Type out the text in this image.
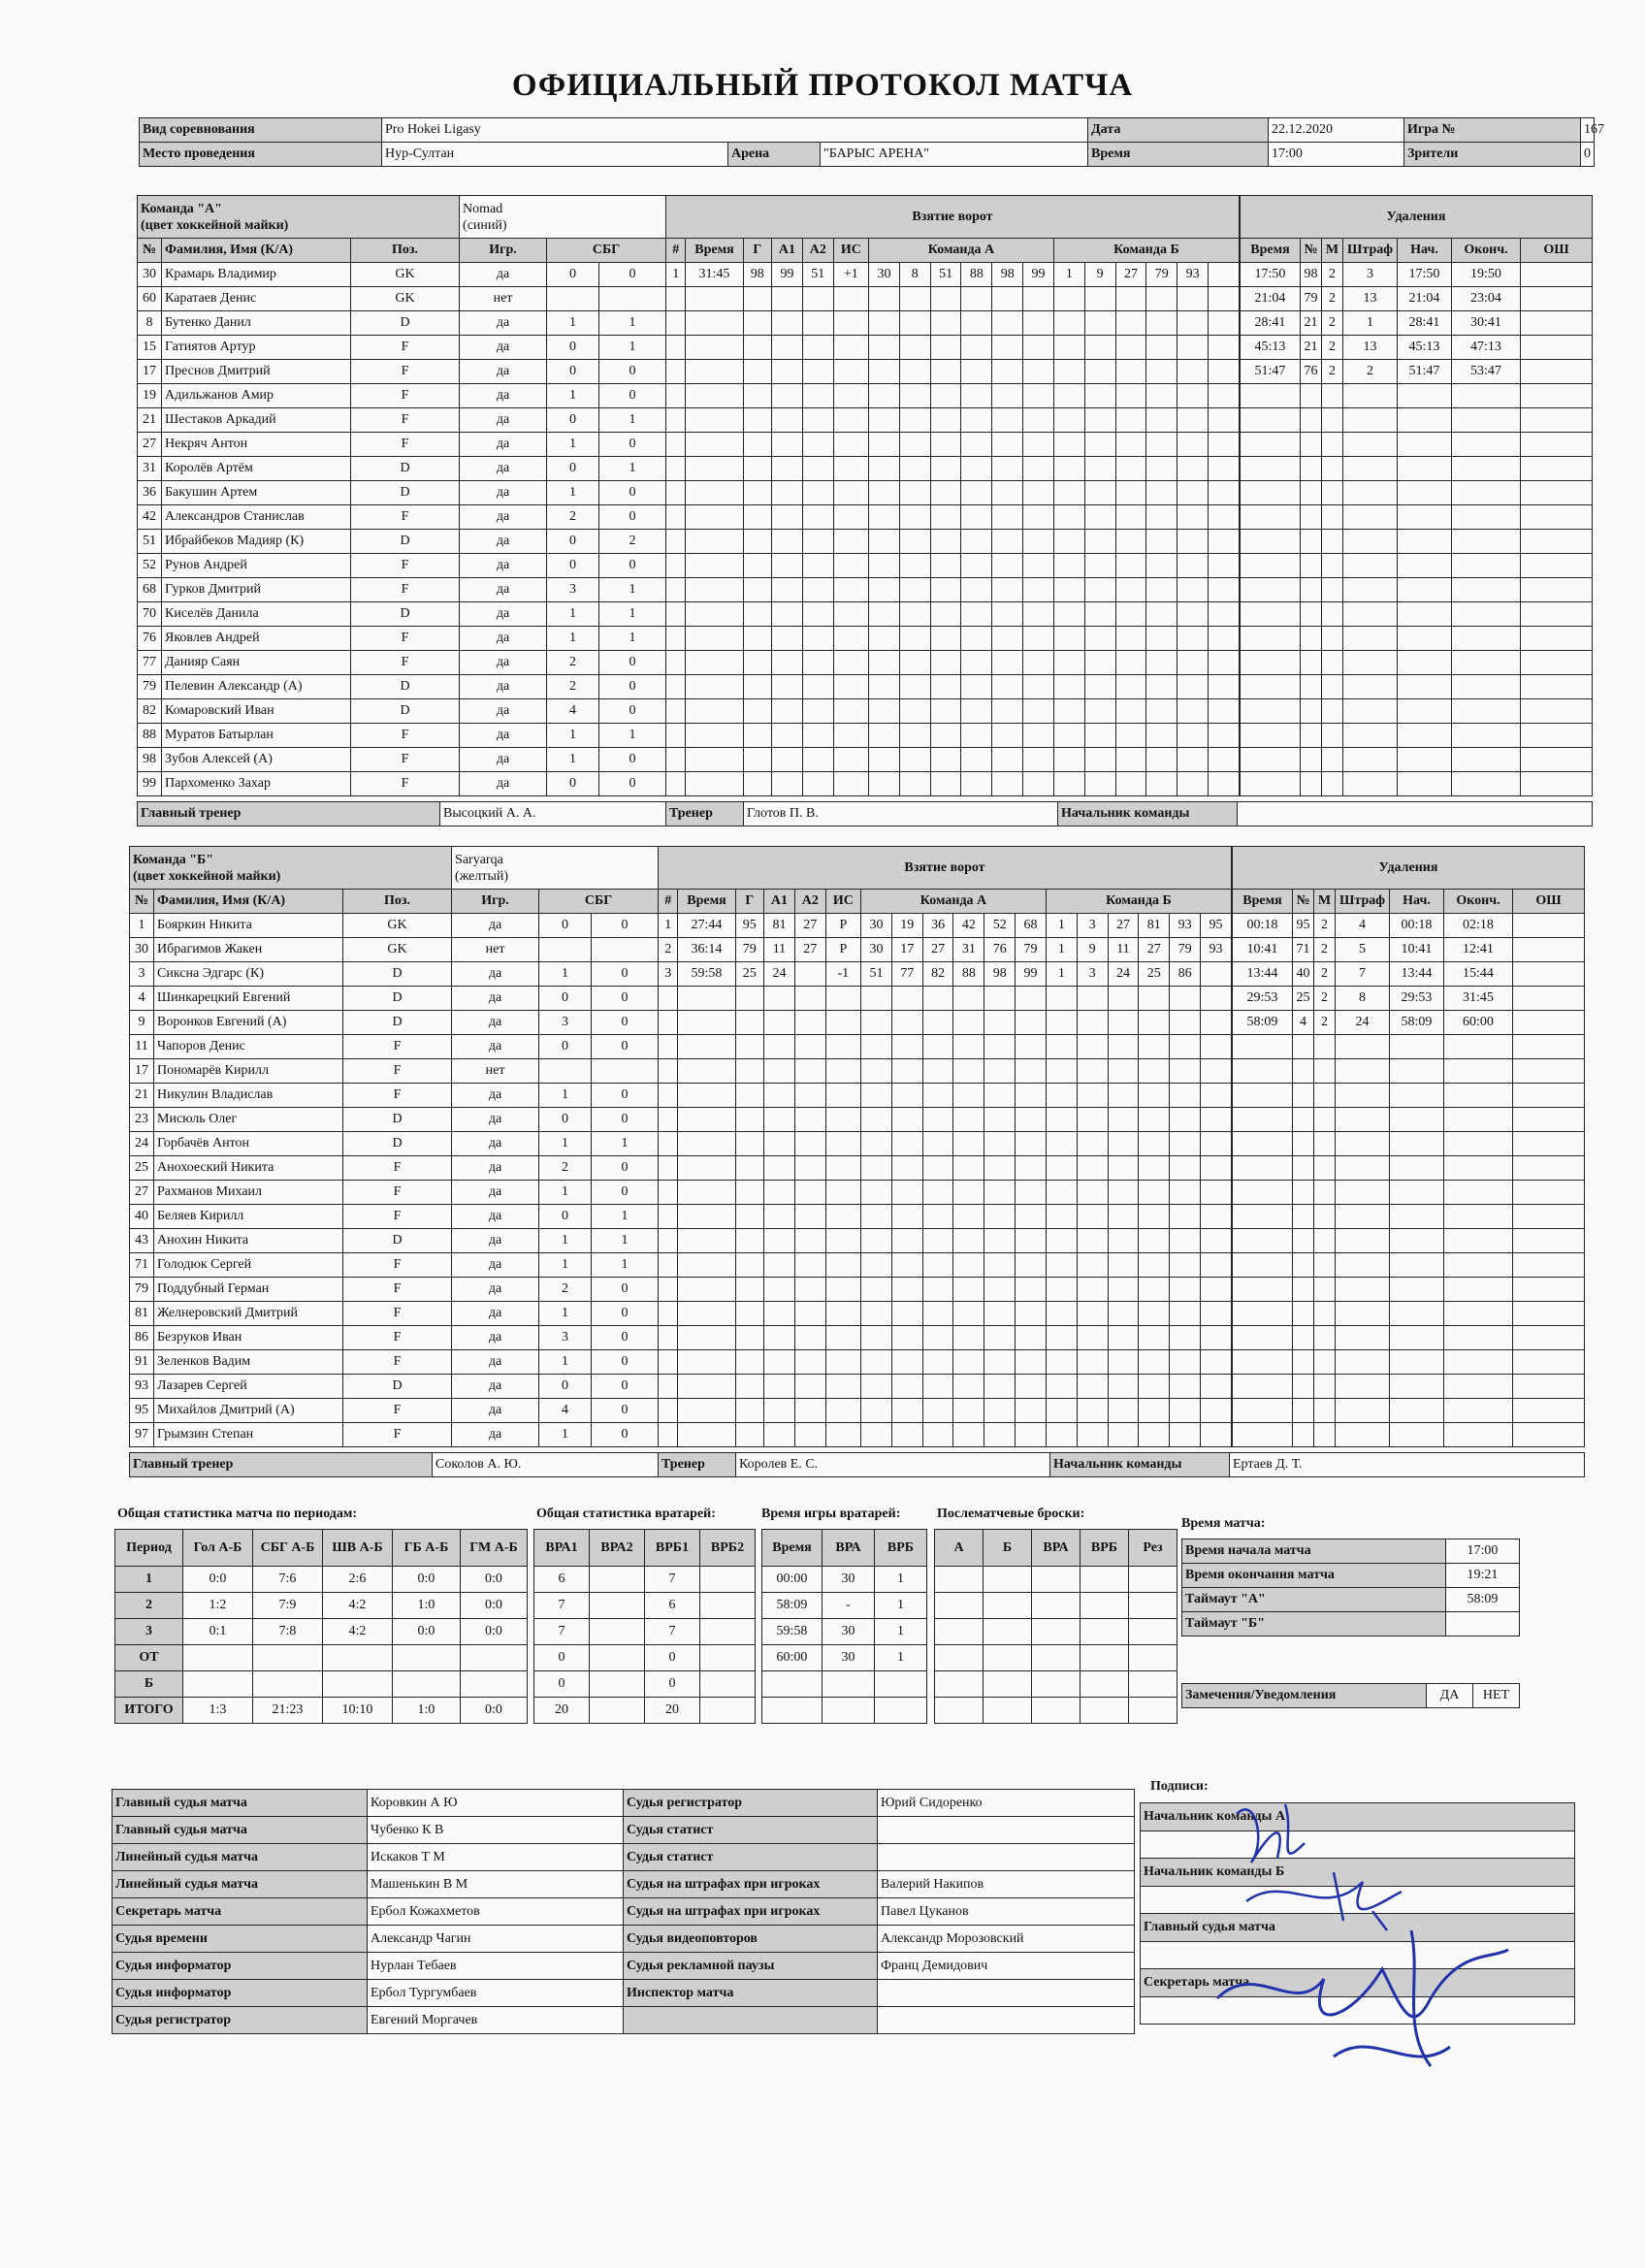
ОФИЦИАЛЬНЫЙ ПРОТОКОЛ МАТЧА
Вид соревнования	Pro Hokei Ligasy			Дата	22.12.2020	Игра №	167
Место проведения	Нур-Султан	Арена	"БАРЫС АРЕНА"	Время	17:00	Зрители	0
Команда "А"
(цвет хоккейной майки)			Nomad
(синий)		
№	Фамилия, Имя (К/А)	Поз.	Игр.	СБГ	
30	Крамарь Владимир	GK	да	0	0
60	Каратаев Денис	GK	нет		
8	Бутенко Данил	D	да	1	1
15	Гатиятов Артур	F	да	0	1
17	Преснов Дмитрий	F	да	0	0
19	Адильжанов Амир	F	да	1	0
21	Шестаков Аркадий	F	да	0	1
27	Некряч Антон	F	да	1	0
31	Королёв Артём	D	да	0	1
36	Бакушин Артем	D	да	1	0
42	Александров Станислав	F	да	2	0
51	Ибрайбеков Мадияр (К)	D	да	0	2
52	Рунов Андрей	F	да	0	0
68	Гурков Дмитрий	F	да	3	1
70	Киселёв Данила	D	да	1	1
76	Яковлев Андрей	F	да	1	1
77	Данияр Саян	F	да	2	0
79	Пелевин Александр (А)	D	да	2	0
82	Комаровский Иван	D	да	4	0
88	Муратов Батырлан	F	да	1	1
98	Зубов Алексей (А)	F	да	1	0
99	Пархоменко Захар	F	да	0	0
Взятие ворот																	
#	Время	Г	А1	А2	ИС	Команда А						Команда Б					
1	31:45	98	99	51	+1	30	8	51	88	98	99	1	9	27	79	93	

Удаления						
Время	№	М	Штраф	Нач.	Оконч.	ОШ
17:50	98	2	3	17:50	19:50	
21:04	79	2	13	21:04	23:04	
28:41	21	2	1	28:41	30:41	
45:13	21	2	13	45:13	47:13	
51:47	76	2	2	51:47	53:47	

Главный тренер	Высоцкий А. А.	Тренер	Глотов П. В.	Начальник команды	
Команда "Б"
(цвет хоккейной майки)			Saryarqa
(желтый)		
№	Фамилия, Имя (К/А)	Поз.	Игр.	СБГ	
1	Бояркин Никита	GK	да	0	0
30	Ибрагимов Жакен	GK	нет		
3	Сиксна Эдгарс (К)	D	да	1	0
4	Шинкарецкий Евгений	D	да	0	0
9	Воронков Евгений (А)	D	да	3	0
11	Чапоров Денис	F	да	0	0
17	Пономарёв Кирилл	F	нет		
21	Никулин Владислав	F	да	1	0
23	Мисюль Олег	D	да	0	0
24	Горбачёв Антон	D	да	1	1
25	Анохоеский Никита	F	да	2	0
27	Рахманов Михаил	F	да	1	0
40	Беляев Кирилл	F	да	0	1
43	Анохин Никита	D	да	1	1
71	Голодюк Сергей	F	да	1	1
79	Поддубный Герман	F	да	2	0
81	Желнеровский Дмитрий	F	да	1	0
86	Безруков Иван	F	да	3	0
91	Зеленков Вадим	F	да	1	0
93	Лазарев Сергей	D	да	0	0
95	Михайлов Дмитрий (А)	F	да	4	0
97	Грымзин Степан	F	да	1	0
Взятие ворот																	
#	Время	Г	А1	А2	ИС	Команда А						Команда Б					
1	27:44	95	81	27	Р	30	19	36	42	52	68	1	3	27	81	93	95
2	36:14	79	11	27	Р	30	17	27	31	76	79	1	9	11	27	79	93
3	59:58	25	24		-1	51	77	82	88	98	99	1	3	24	25	86	

Удаления						
Время	№	М	Штраф	Нач.	Оконч.	ОШ
00:18	95	2	4	00:18	02:18	
10:41	71	2	5	10:41	12:41	
13:44	40	2	7	13:44	15:44	
29:53	25	2	8	29:53	31:45	
58:09	4	2	24	58:09	60:00	

Главный тренер	Соколов А. Ю.	Тренер	Королев Е. С.	Начальник команды	Ертаев Д. Т.
Общая статистика матча по периодам:
Период	Гол А-Б	СБГ А-Б	ШВ А-Б	ГБ А-Б	ГМ А-Б
1	0:0	7:6	2:6	0:0	0:0
2	1:2	7:9	4:2	1:0	0:0
3	0:1	7:8	4:2	0:0	0:0
ОТ					
Б					
ИТОГО	1:3	21:23	10:10	1:0	0:0
Общая статистика вратарей:
ВРА1	ВРА2	ВРБ1	ВРБ2
6		7	
7		6	
7		7	
0		0	
0		0	
20		20	
Время игры вратарей:
Время	ВРА	ВРБ
00:00	30	1
58:09	-	1
59:58	30	1
60:00	30	1

Послематчевые броски:
А	Б	ВРА	ВРБ	Рез

Время матча:
Время начала матча	17:00
Время окончания матча	19:21
Таймаут "А"	58:09
Таймаут "Б"	
Замечения/Уведомления	ДА	НЕТ
Главный судья матча	Коровкин А Ю	Судья регистратор	Юрий Сидоренко
Главный судья матча	Чубенко К В	Судья статист	
Линейный судья матча	Искаков Т М	Судья статист	
Линейный судья матча	Машенькин В М	Судья на штрафах при игроках	Валерий Накипов
Секретарь матча	Ербол Кожахметов	Судья на штрафах при игроках	Павел Цуканов
Судья времени	Александр Чагин	Судья видеоповторов	Александр Морозовский
Судья информатор	Нурлан Тебаев	Судья рекламной паузы	Франц Демидович
Судья информатор	Ербол Тургумбаев	Инспектор матча	
Судья регистратор	Евгений Моргачев		
Подписи:
Начальник команды А

Начальник команды Б

Главный судья матча

Секретарь матча
